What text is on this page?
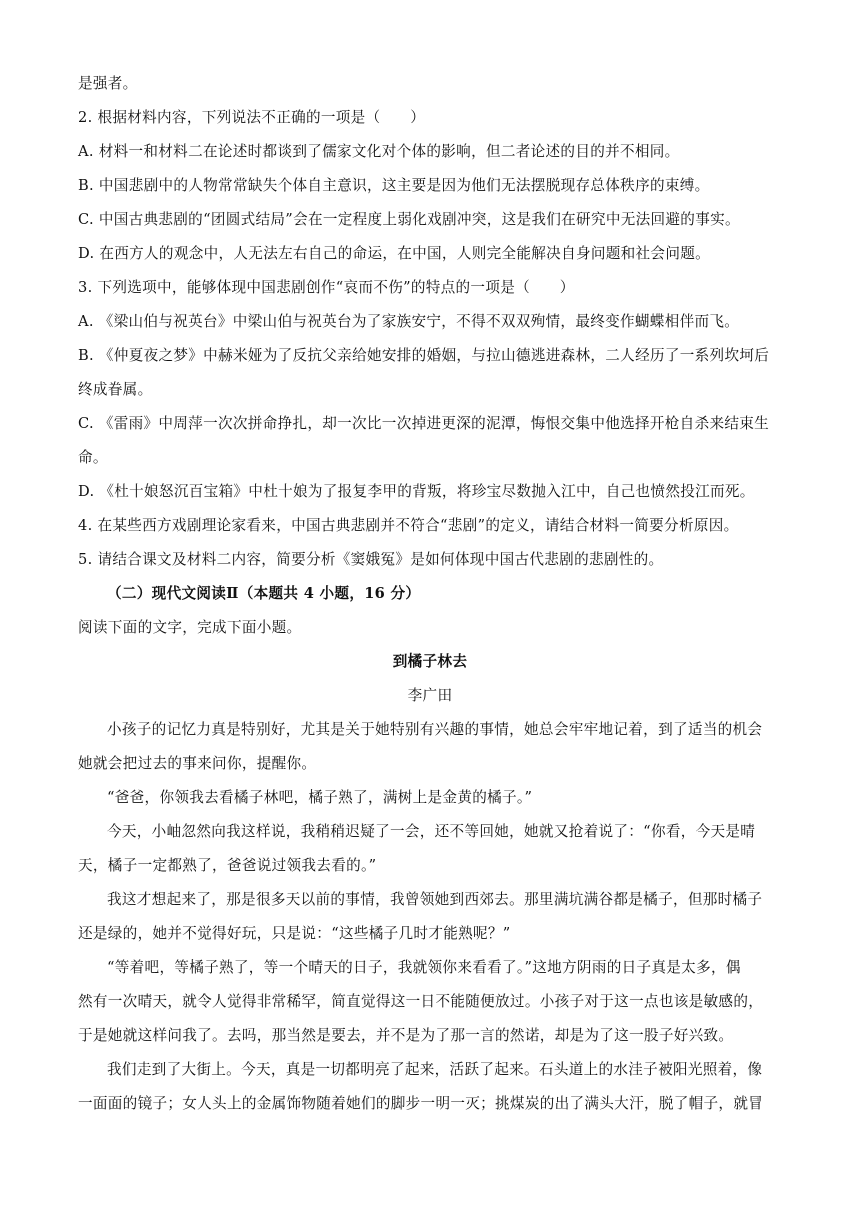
是强者。
2. 根据材料内容，下列说法不正确的一项是（　　）
A. 材料一和材料二在论述时都谈到了儒家文化对个体的影响，但二者论述的目的并不相同。
B. 中国悲剧中的人物常常缺失个体自主意识，这主要是因为他们无法摆脱现存总体秩序的束缚。
C. 中国古典悲剧的“团圆式结局”会在一定程度上弱化戏剧冲突，这是我们在研究中无法回避的事实。
D. 在西方人的观念中，人无法左右自己的命运，在中国，人则完全能解决自身问题和社会问题。
3. 下列选项中，能够体现中国悲剧创作“哀而不伤”的特点的一项是（　　）
A. 《梁山伯与祝英台》中梁山伯与祝英台为了家族安宁，不得不双双殉情，最终变作蝴蝶相伴而飞。
B. 《仲夏夜之梦》中赫米娅为了反抗父亲给她安排的婚姻，与拉山德逃进森林，二人经历了一系列坎坷后
终成眷属。
C. 《雷雨》中周萍一次次拼命挣扎，却一次比一次掉进更深的泥潭，悔恨交集中他选择开枪自杀来结束生
命。
D. 《杜十娘怒沉百宝箱》中杜十娘为了报复李甲的背叛，将珍宝尽数抛入江中，自己也愤然投江而死。
4. 在某些西方戏剧理论家看来，中国古典悲剧并不符合“悲剧”的定义，请结合材料一简要分析原因。
5. 请结合课文及材料二内容，简要分析《窦娥冤》是如何体现中国古代悲剧的悲剧性的。
（二）现代文阅读Ⅱ（本题共 4 小题，16 分）
阅读下面的文字，完成下面小题。
到橘子林去
李广田
小孩子的记忆力真是特别好，尤其是关于她特别有兴趣的事情，她总会牢牢地记着，到了适当的机会
她就会把过去的事来问你，提醒你。
“爸爸，你领我去看橘子林吧，橘子熟了，满树上是金黄的橘子。”
今天，小岫忽然向我这样说，我稍稍迟疑了一会，还不等回她，她就又抢着说了：“你看，今天是晴
天，橘子一定都熟了，爸爸说过领我去看的。”
我这才想起来了，那是很多天以前的事情，我曾领她到西郊去。那里满坑满谷都是橘子，但那时橘子
还是绿的，她并不觉得好玩，只是说：“这些橘子几时才能熟呢？”
“等着吧，等橘子熟了，等一个晴天的日子，我就领你来看看了。”这地方阴雨的日子真是太多，偶
然有一次晴天，就令人觉得非常稀罕，简直觉得这一日不能随便放过。小孩子对于这一点也该是敏感的，
于是她就这样问我了。去吗，那当然是要去，并不是为了那一言的然诺，却是为了这一股子好兴致。
我们走到了大街上。今天，真是一切都明亮了起来，活跃了起来。石头道上的水洼子被阳光照着，像
一面面的镜子；女人头上的金属饰物随着她们的脚步一明一灭；挑煤炭的出了满头大汗，脱了帽子，就冒
